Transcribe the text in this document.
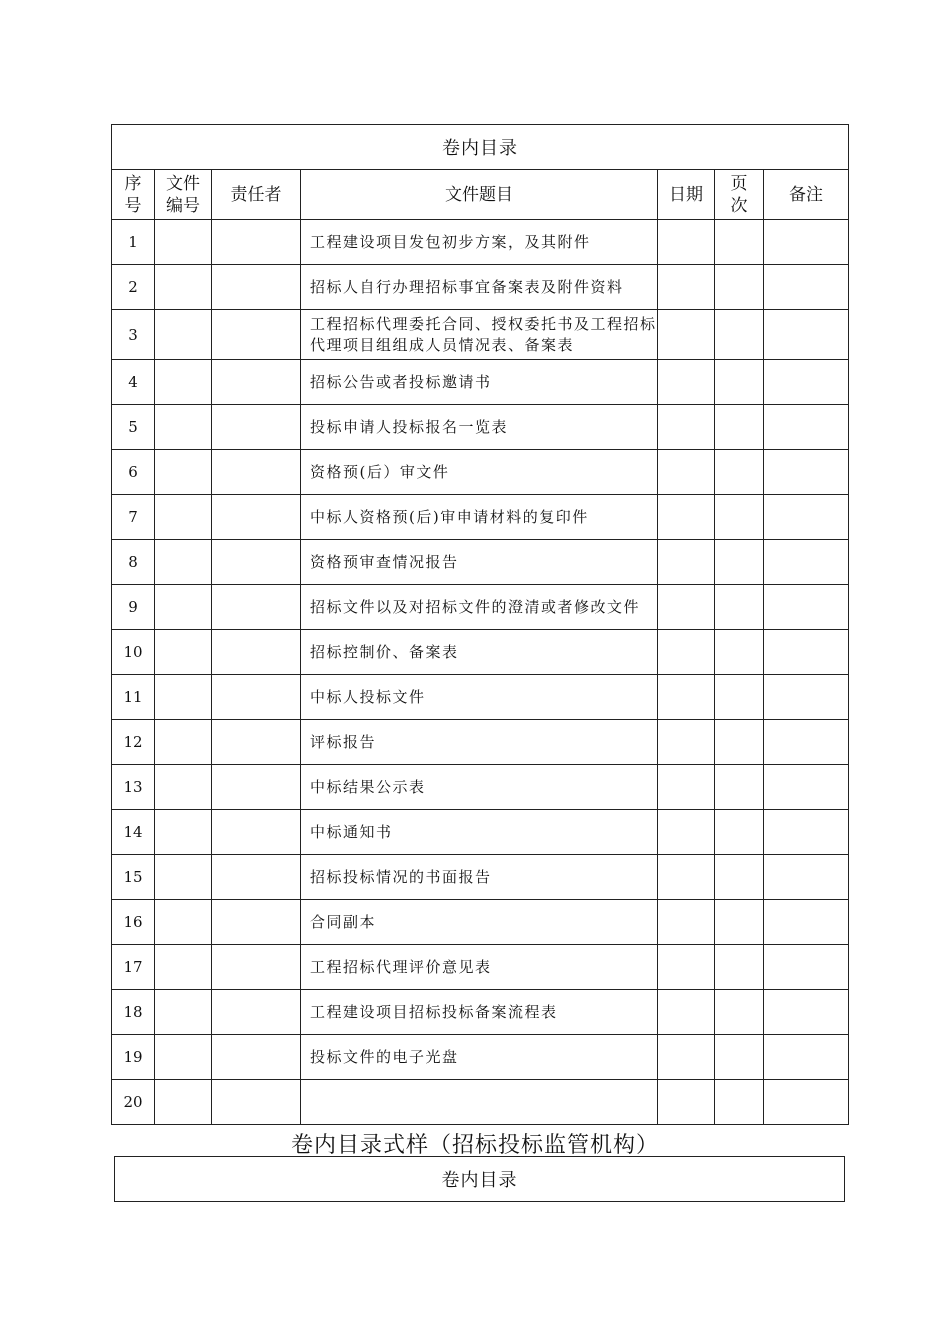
卷内目录						
序号	文件编号	责任者	文件题目	日期	页次	备注
1			工程建设项目发包初步方案，及其附件			
2			招标人自行办理招标事宜备案表及附件资料			
3			工程招标代理委托合同、授权委托书及工程招标代理项目组组成人员情况表、备案表			
4			招标公告或者投标邀请书			
5			投标申请人投标报名一览表			
6			资格预(后）审文件			
7			中标人资格预(后)审申请材料的复印件			
8			资格预审查情况报告			
9			招标文件以及对招标文件的澄清或者修改文件			
10			招标控制价、备案表			
11			中标人投标文件			
12			评标报告			
13			中标结果公示表			
14			中标通知书			
15			招标投标情况的书面报告			
16			合同副本			
17			工程招标代理评价意见表			
18			工程建设项目招标投标备案流程表			
19			投标文件的电子光盘			
20						
卷内目录式样（招标投标监管机构）
卷内目录
